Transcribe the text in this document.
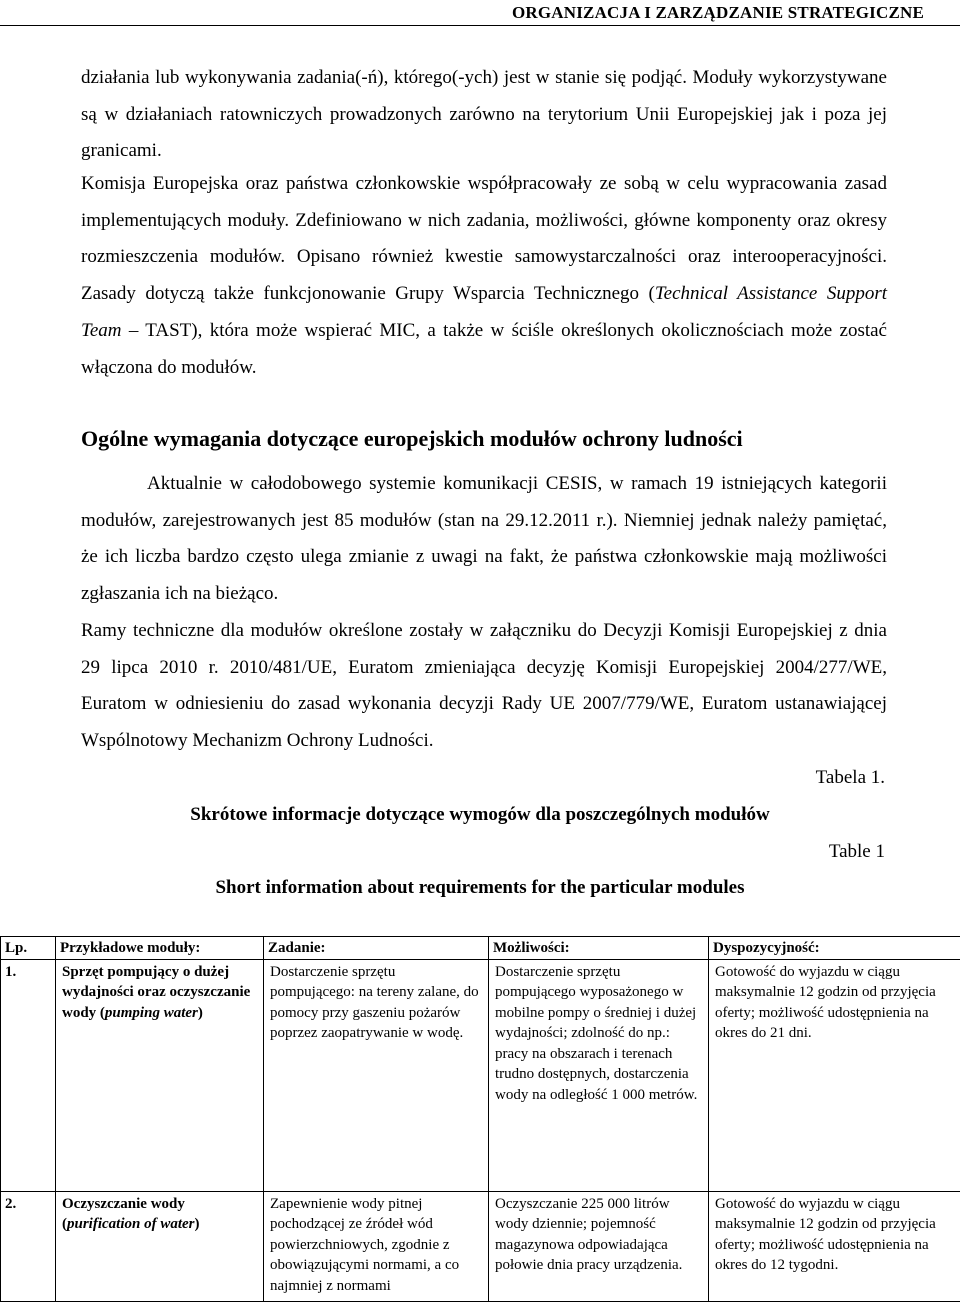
ORGANIZACJA I ZARZĄDZANIE STRATEGICZNE

działania lub wykonywania zadania(-ń), którego(-ych) jest w stanie się podjąć. Moduły wykorzystywane są w działaniach ratowniczych prowadzonych zarówno na terytorium Unii Europejskiej jak i poza jej granicami.

Komisja Europejska oraz państwa członkowskie współpracowały ze sobą w celu wypracowania zasad implementujących moduły. Zdefiniowano w nich zadania, możliwości, główne komponenty oraz okresy rozmieszczenia modułów. Opisano również kwestie samowystarczalności oraz interooperacyjności. Zasady dotyczą także funkcjonowanie Grupy Wsparcia Technicznego (Technical Assistance Support Team – TAST), która może wspierać MIC, a także w ściśle określonych okolicznościach może zostać włączona do modułów.

Ogólne wymagania dotyczące europejskich modułów ochrony ludności

Aktualnie w całodobowego systemie komunikacji CESIS, w ramach 19 istniejących kategorii modułów, zarejestrowanych jest 85 modułów (stan na 29.12.2011 r.). Niemniej jednak należy pamiętać, że ich liczba bardzo często ulega zmianie z uwagi na fakt, że państwa członkowskie mają możliwości zgłaszania ich na bieżąco.

Ramy techniczne dla modułów określone zostały w załączniku do Decyzji Komisji Europejskiej z dnia 29 lipca 2010 r. 2010/481/UE, Euratom zmieniająca decyzję Komisji Europejskiej 2004/277/WE, Euratom w odniesieniu do zasad wykonania decyzji Rady UE 2007/779/WE, Euratom ustanawiającej Wspólnotowy Mechanizm Ochrony Ludności.

Tabela 1.

Skrótowe informacje dotyczące wymogów dla poszczególnych modułów

Table 1

Short information about requirements for the particular modules

Lp.	Przykładowe moduły:	Zadanie:	Możliwości:	Dyspozycyjność:
1.	Sprzęt pompujący o dużej wydajności oraz oczyszczanie wody (pumping water)	Dostarczenie sprzętu pompującego: na tereny zalane, do pomocy przy gaszeniu pożarów poprzez zaopatrywanie w wodę.	Dostarczenie sprzętu pompującego wyposażonego w mobilne pompy o średniej i dużej wydajności; zdolność do np.: pracy na obszarach i terenach trudno dostępnych, dostarczenia wody na odległość 1 000 metrów.	Gotowość do wyjazdu w ciągu maksymalnie 12 godzin od przyjęcia oferty; możliwość udostępnienia na okres do 21 dni.

2.	Oczyszczanie wody (purification of water)	Zapewnienie wody pitnej pochodzącej ze źródeł wód powierzchniowych, zgodnie z obowiązującymi normami, a co najmniej z normami	Oczyszczanie 225 000 litrów wody dziennie; pojemność magazynowa odpowiadająca połowie dnia pracy urządzenia.	Gotowość do wyjazdu w ciągu maksymalnie 12 godzin od przyjęcia oferty; możliwość udostępnienia na okres do 12 tygodni.
